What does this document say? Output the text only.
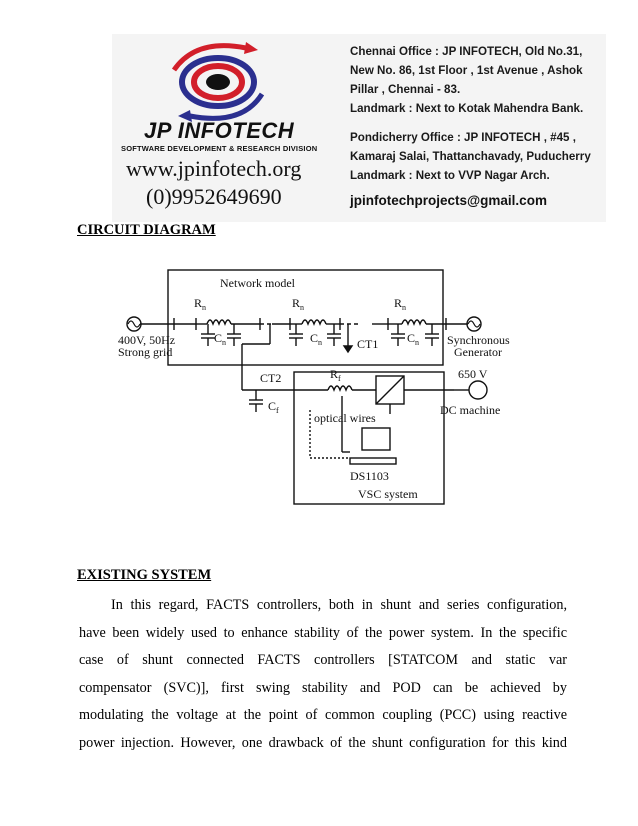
JP INFOTECH
SOFTWARE DEVELOPMENT & RESEARCH DIVISION
www.jpinfotech.org
(0)9952649690
Chennai Office : JP INFOTECH, Old No.31,
New No. 86, 1st Floor , 1st Avenue , Ashok
Pillar , Chennai - 83.
Landmark : Next to Kotak Mahendra Bank.
Pondicherry Office : JP INFOTECH , #45 ,
Kamaraj Salai, Thattanchavady, Puducherry
Landmark : Next to VVP Nagar Arch.
jpinfotechprojects@gmail.com
CIRCUIT DIAGRAM
Network model
$R_n$	$R_n$	$R_n$
$C_n$	$C_n$	$C_n$
400V, 50Hz
Strong grid
Synchronous
Generator
CT1
CT2
$C_f$
$R_f$	650 V
DC machine
optical wires
DS1103
VSC system
EXISTING SYSTEM
In this regard, FACTS controllers, both in shunt and series configuration,
have been widely used to enhance stability of the power system. In the specific
case of shunt connected FACTS controllers [STATCOM and static var
compensator (SVC)], first swing stability and POD can be achieved by
modulating the voltage at the point of common coupling (PCC) using reactive
power injection. However, one drawback of the shunt configuration for this kind
